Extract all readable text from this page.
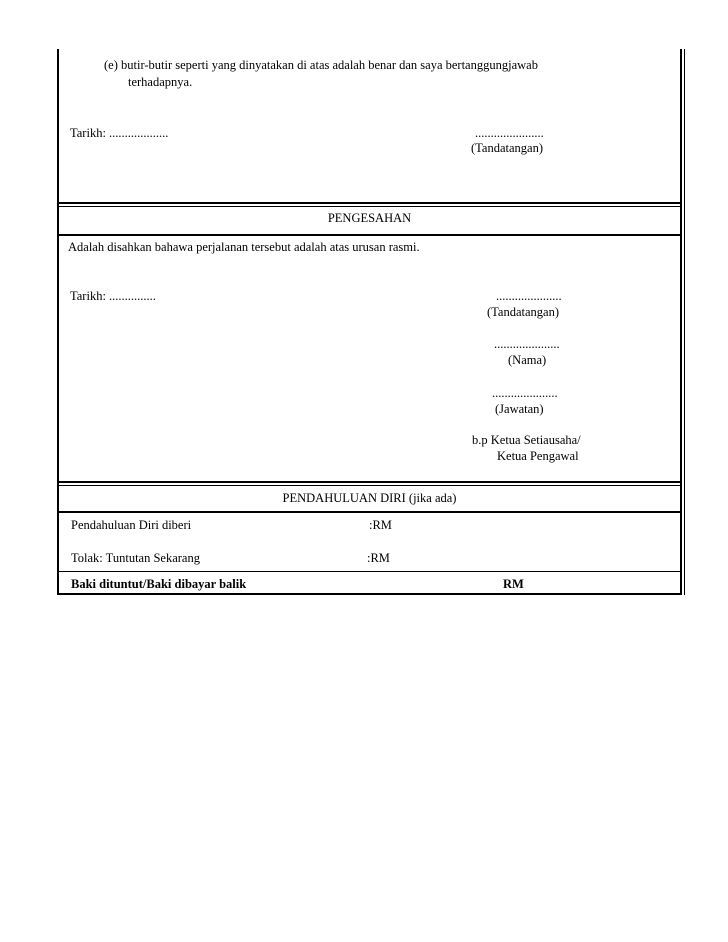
(e) butir-butir seperti yang dinyatakan di atas adalah benar dan saya bertanggungjawab
terhadapnya.
Tarikh: ...................	......................
(Tandatangan)
PENGESAHAN
Adalah disahkan bahawa perjalanan tersebut adalah atas urusan rasmi.
Tarikh: ...............	.....................
(Tandatangan)
.....................
(Nama)
.....................
(Jawatan)
b.p Ketua Setiausaha/
Ketua Pengawal
PENDAHULUAN DIRI (jika ada)
Pendahuluan Diri diberi	:RM
Tolak: Tuntutan Sekarang	:RM
Baki dituntut/Baki dibayar balik	RM
